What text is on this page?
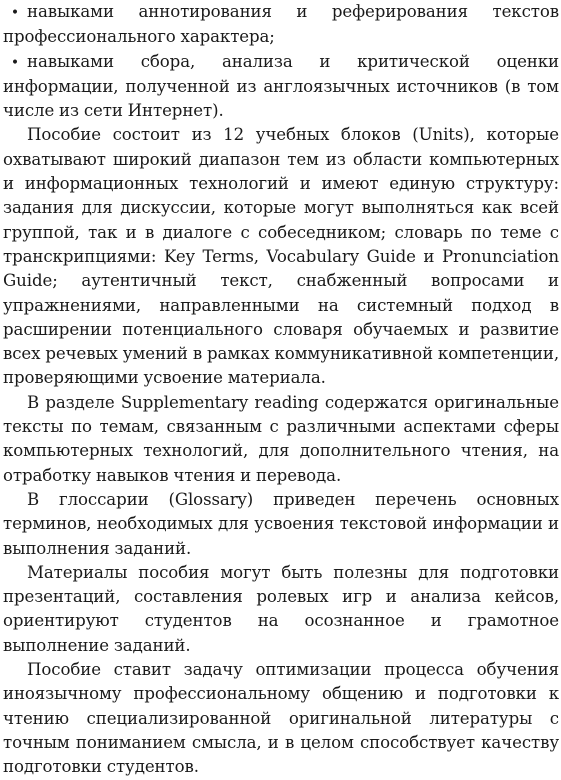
• навыками аннотирования и реферирования текстов профессионального характера;

• навыками сбора, анализа и критической оценки информации, полученной из англоязычных источников (в том числе из сети Интернет).

Пособие состоит из 12 учебных блоков (Units), которые охватывают широкий диапазон тем из области компьютерных и информационных технологий и имеют единую структуру: задания для дискуссии, которые могут выполняться как всей группой, так и в диалоге с собеседником; словарь по теме с транскрипциями: Key Terms, Vocabulary Guide и Pronunciation Guide; аутентичный текст, снабженный вопросами и упражнениями, направленными на системный подход в расширении потенциального словаря обучаемых и развитие всех речевых умений в рамках коммуникативной компетенции, проверяющими усвоение материала.

В разделе Supplementary reading содержатся оригинальные тексты по темам, связанным с различными аспектами сферы компьютерных технологий, для дополнительного чтения, на отработку навыков чтения и перевода.

В глоссарии (Glossary) приведен перечень основных терминов, необходимых для усвоения текстовой информации и выполнения заданий.

Материалы пособия могут быть полезны для подготовки презентаций, составления ролевых игр и анализа кейсов, ориентируют студентов на осознанное и грамотное выполнение заданий.

Пособие ставит задачу оптимизации процесса обучения иноязычному профессиональному общению и подготовки к чтению специализированной оригинальной литературы с точным пониманием смысла, и в целом способствует качеству подготовки студентов.
